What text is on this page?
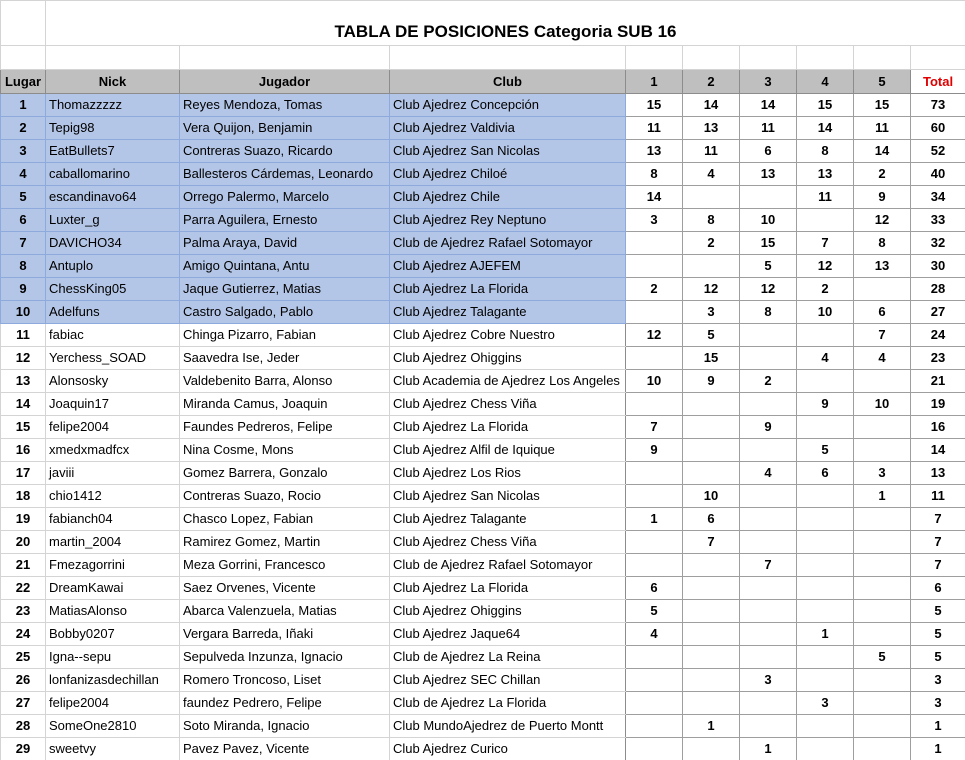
	TABLA DE POSICIONES Categoria SUB 16								

Lugar	Nick	Jugador	Club	1	2	3	4	5	Total
1	Thomazzzzz	Reyes Mendoza, Tomas	Club Ajedrez Concepción	15	14	14	15	15	73
2	Tepig98	Vera Quijon, Benjamin	Club Ajedrez Valdivia	11	13	11	14	11	60
3	EatBullets7	Contreras Suazo, Ricardo	Club Ajedrez San Nicolas	13	11	6	8	14	52
4	caballomarino	Ballesteros Cárdemas, Leonardo	Club Ajedrez Chiloé	8	4	13	13	2	40
5	escandinavo64	Orrego Palermo, Marcelo	Club Ajedrez Chile	14			11	9	34
6	Luxter_g	Parra Aguilera, Ernesto	Club Ajedrez Rey Neptuno	3	8	10		12	33
7	DAVICHO34	Palma Araya, David	Club de Ajedrez Rafael Sotomayor		2	15	7	8	32
8	Antuplo	Amigo Quintana, Antu	Club Ajedrez AJEFEM			5	12	13	30
9	ChessKing05	Jaque Gutierrez, Matias	Club Ajedrez La Florida	2	12	12	2		28
10	Adelfuns	Castro Salgado, Pablo	Club Ajedrez Talagante		3	8	10	6	27
11	fabiac	Chinga Pizarro, Fabian	Club Ajedrez Cobre Nuestro	12	5			7	24
12	Yerchess_SOAD	Saavedra Ise, Jeder	Club Ajedrez Ohiggins		15		4	4	23
13	Alonsosky	Valdebenito Barra, Alonso	Club Academia de Ajedrez Los Angeles	10	9	2			21
14	Joaquin17	Miranda Camus, Joaquin	Club Ajedrez Chess Viña				9	10	19
15	felipe2004	Faundes Pedreros, Felipe	Club Ajedrez La Florida	7		9			16
16	xmedxmadfcx	Nina Cosme, Mons	Club Ajedrez Alfil de Iquique	9			5		14
17	javiii	Gomez Barrera, Gonzalo	Club Ajedrez Los Rios			4	6	3	13
18	chio1412	Contreras Suazo, Rocio	Club Ajedrez San Nicolas		10			1	11
19	fabianch04	Chasco Lopez, Fabian	Club Ajedrez Talagante	1	6				7
20	martin_2004	Ramirez Gomez, Martin	Club Ajedrez Chess Viña		7				7
21	Fmezagorrini	Meza Gorrini, Francesco	Club de Ajedrez Rafael Sotomayor			7			7
22	DreamKawai	Saez Orvenes, Vicente	Club Ajedrez La Florida	6					6
23	MatiasAlonso	Abarca Valenzuela, Matias	Club Ajedrez Ohiggins	5					5
24	Bobby0207	Vergara Barreda, Iñaki	Club Ajedrez Jaque64	4			1		5
25	Igna--sepu	Sepulveda Inzunza, Ignacio	Club de Ajedrez La Reina					5	5
26	lonfanizasdechillan	Romero Troncoso, Liset	Club Ajedrez SEC Chillan			3			3
27	felipe2004	faundez Pedrero, Felipe	Club de Ajedrez La Florida				3		3
28	SomeOne2810	Soto Miranda, Ignacio	Club MundoAjedrez de Puerto Montt		1				1
29	sweetvy	Pavez Pavez, Vicente	Club Ajedrez Curico			1			1
